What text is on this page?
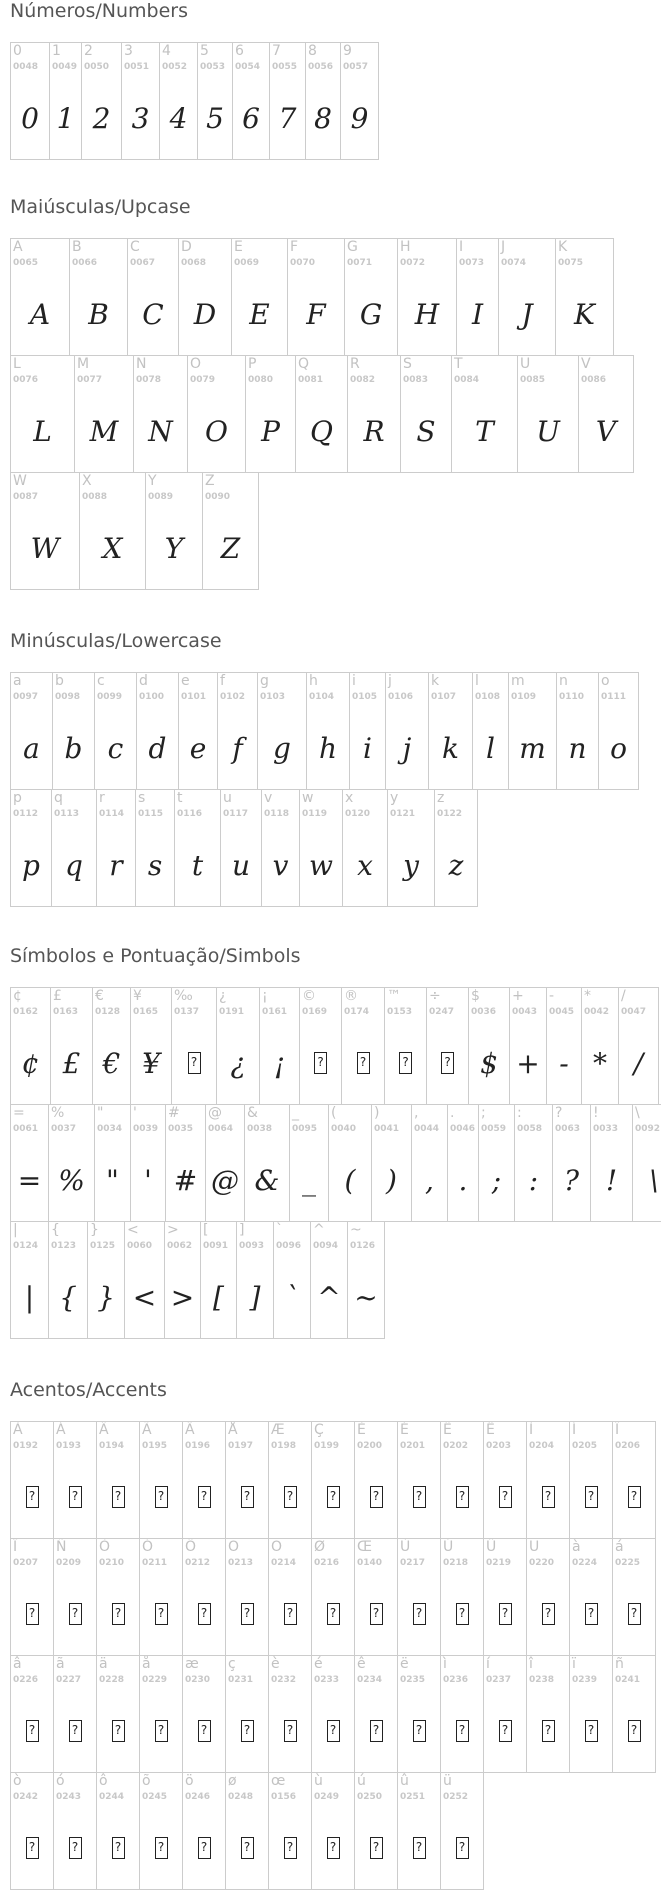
Números/Numbers
0
0048
0
1
0049
1
2
0050
2
3
0051
3
4
0052
4
5
0053
5
6
0054
6
7
0055
7
8
0056
8
9
0057
9
Maiúsculas/Upcase
A
0065
A
B
0066
B
C
0067
C
D
0068
D
E
0069
E
F
0070
F
G
0071
G
H
0072
H
I
0073
I
J
0074
J
K
0075
K
L
0076
L
M
0077
M
N
0078
N
O
0079
O
P
0080
P
Q
0081
Q
R
0082
R
S
0083
S
T
0084
T
U
0085
U
V
0086
V
W
0087
W
X
0088
X
Y
0089
Y
Z
0090
Z
Minúsculas/Lowercase
a
0097
a
b
0098
b
c
0099
c
d
0100
d
e
0101
e
f
0102
f
g
0103
g
h
0104
h
i
0105
i
j
0106
j
k
0107
k
l
0108
l
m
0109
m
n
0110
n
o
0111
o
p
0112
p
q
0113
q
r
0114
r
s
0115
s
t
0116
t
u
0117
u
v
0118
v
w
0119
w
x
0120
x
y
0121
y
z
0122
z
Símbolos e Pontuação/Simbols
¢
0162
¢
£
0163
£
€
0128
€
¥
0165
¥
‰
0137
?
¿
0191
¿
¡
0161
¡
©
0169
?
®
0174
?
™
0153
?
÷
0247
?
$
0036
$
+
0043
+
-
0045
-
*
0042
*
/
0047
/
=
0061
=
%
0037
%
"
0034
"
'
0039
'
#
0035
#
@
0064
@
&
0038
&
_
0095
_
(
0040
(
)
0041
)
,
0044
,
.
0046
.
;
0059
;
:
0058
:
?
0063
?
!
0033
!
\
0092
\
|
0124
|
{
0123
{
}
0125
}
<
0060
<
>
0062
>
[
0091
[
]
0093
]
`
0096
`
^
0094
^
~
0126
~
Acentos/Accents
À
0192
?
Á
0193
?
Â
0194
?
Ã
0195
?
Ä
0196
?
Å
0197
?
Æ
0198
?
Ç
0199
?
È
0200
?
É
0201
?
Ê
0202
?
Ë
0203
?
Ì
0204
?
Í
0205
?
Î
0206
?
Ï
0207
?
Ñ
0209
?
Ò
0210
?
Ó
0211
?
Ô
0212
?
Õ
0213
?
Ö
0214
?
Ø
0216
?
Œ
0140
?
Ù
0217
?
Ú
0218
?
Û
0219
?
Ü
0220
?
à
0224
?
á
0225
?
â
0226
?
ã
0227
?
ä
0228
?
å
0229
?
æ
0230
?
ç
0231
?
è
0232
?
é
0233
?
ê
0234
?
ë
0235
?
ì
0236
?
í
0237
?
î
0238
?
ï
0239
?
ñ
0241
?
ò
0242
?
ó
0243
?
ô
0244
?
õ
0245
?
ö
0246
?
ø
0248
?
œ
0156
?
ù
0249
?
ú
0250
?
û
0251
?
ü
0252
?
